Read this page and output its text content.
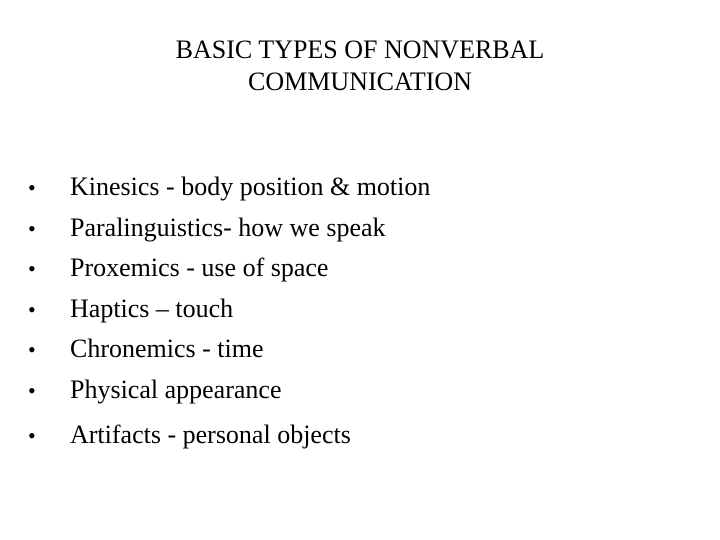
BASIC TYPES OF NONVERBAL
COMMUNICATION
•	Kinesics - body position & motion
•	Paralinguistics- how we speak
•	Proxemics - use of space
•	Haptics – touch
•	Chronemics - time
•	Physical appearance
•	Artifacts - personal objects
